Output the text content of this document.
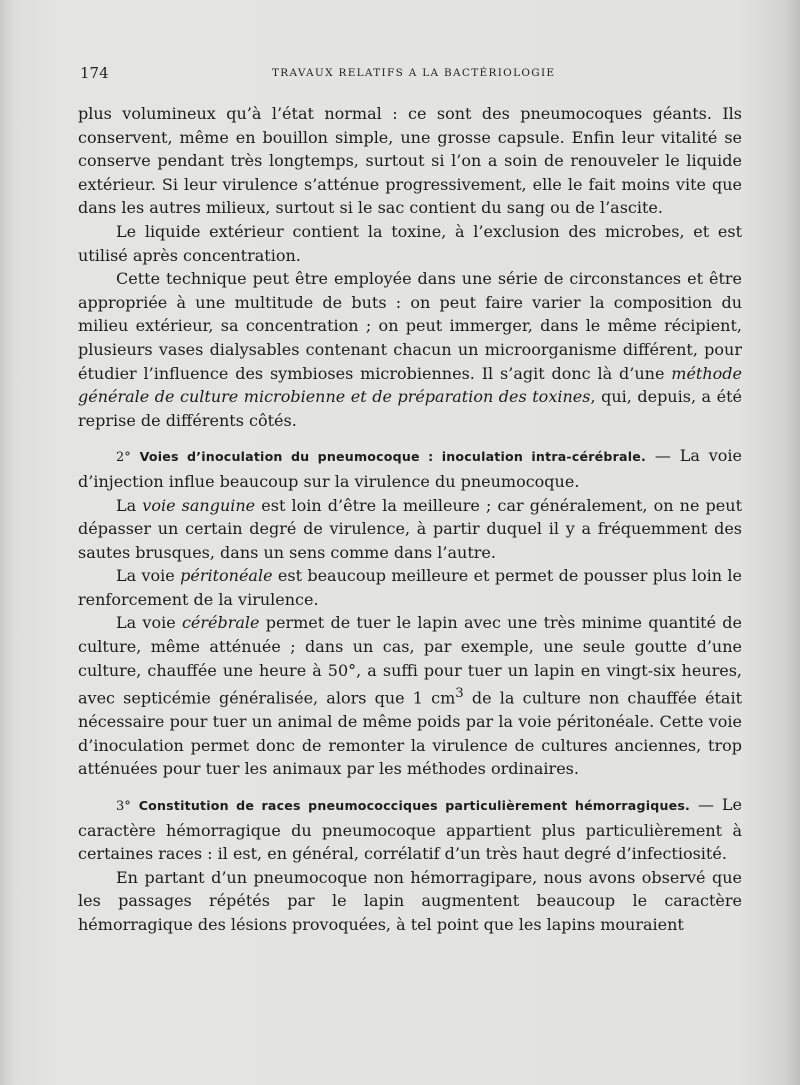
174	TRAVAUX RELATIFS A LA BACTÉRIOLOGIE

plus volumineux qu’à l’état normal : ce sont des pneumocoques géants. Ils conservent, même en bouillon simple, une grosse capsule. Enfin leur vitalité se conserve pendant très longtemps, surtout si l’on a soin de renouveler le liquide extérieur. Si leur virulence s’atténue progressivement, elle le fait moins vite que dans les autres milieux, surtout si le sac contient du sang ou de l’ascite.

Le liquide extérieur contient la toxine, à l’exclusion des microbes, et est utilisé après concentration.

Cette technique peut être employée dans une série de circonstances et être appropriée à une multitude de buts : on peut faire varier la composition du milieu extérieur, sa concentration ; on peut immerger, dans le même récipient, plusieurs vases dialysables contenant chacun un microorganisme différent, pour étudier l’influence des symbioses microbiennes. Il s’agit donc là d’une méthode générale de culture microbienne et de préparation des toxines, qui, depuis, a été reprise de différents côtés.

2° Voies d’inoculation du pneumocoque : inoculation intra-cérébrale. — La voie d’injection influe beaucoup sur la virulence du pneumocoque.

La voie sanguine est loin d’être la meilleure ; car généralement, on ne peut dépasser un certain degré de virulence, à partir duquel il y a fréquemment des sautes brusques, dans un sens comme dans l’autre.

La voie péritonéale est beaucoup meilleure et permet de pousser plus loin le renforcement de la virulence.

La voie cérébrale permet de tuer le lapin avec une très minime quantité de culture, même atténuée ; dans un cas, par exemple, une seule goutte d’une culture, chauffée une heure à 50°, a suffi pour tuer un lapin en vingt-six heures, avec septicémie généralisée, alors que 1 $cm^3$ de la culture non chauffée était nécessaire pour tuer un animal de même poids par la voie péritonéale. Cette voie d’inoculation permet donc de remonter la virulence de cultures anciennes, trop atténuées pour tuer les animaux par les méthodes ordinaires.

3° Constitution de races pneumococciques particulièrement hémorragiques. — Le caractère hémorragique du pneumocoque appartient plus particulièrement à certaines races : il est, en général, corrélatif d’un très haut degré d’infectiosité.

En partant d’un pneumocoque non hémorragipare, nous avons observé que les passages répétés par le lapin augmentent beaucoup le caractère hémorragique des lésions provoquées, à tel point que les lapins mouraient
